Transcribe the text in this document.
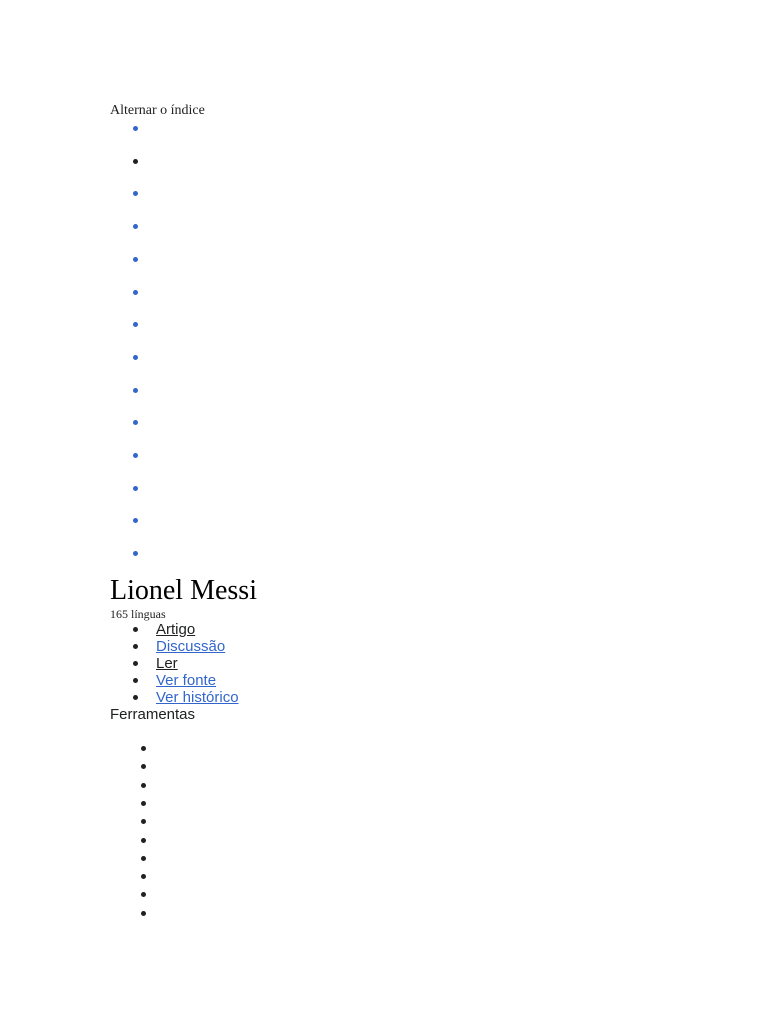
Alternar o índice
Lionel Messi
165 línguas
Artigo
Discussão
Ler
Ver fonte
Ver histórico
Ferramentas
